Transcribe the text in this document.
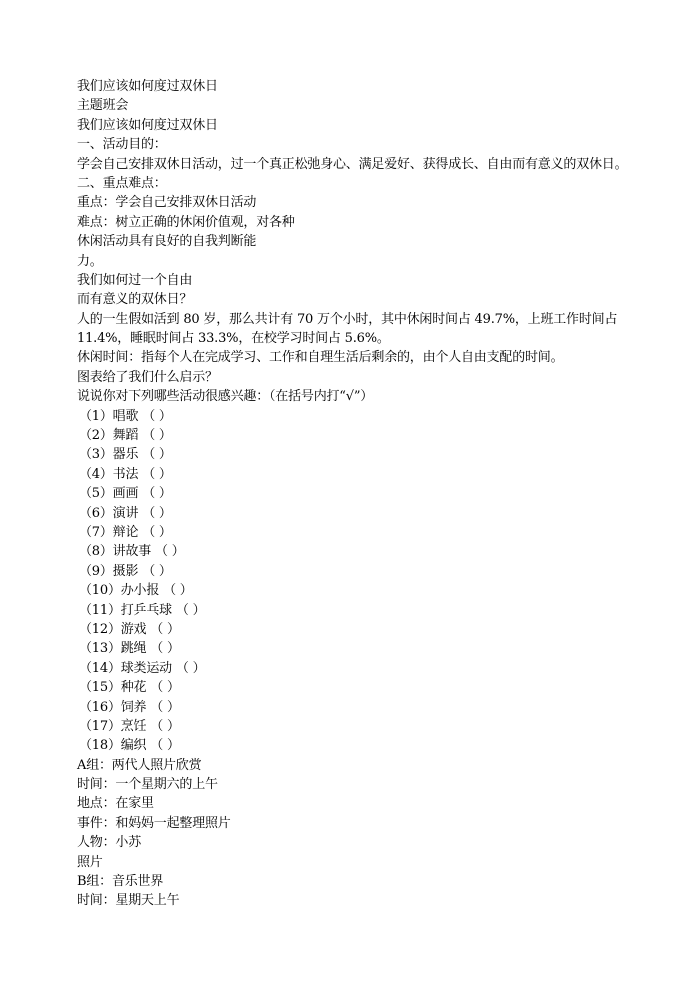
我们应该如何度过双休日
主题班会
我们应该如何度过双休日
一、活动目的：
学会自己安排双休日活动，过一个真正松弛身心、满足爱好、获得成长、自由而有意义的双休日。
二、重点难点：
重点：学会自己安排双休日活动
难点：树立正确的休闲价值观，对各种
休闲活动具有良好的自我判断能
力。
我们如何过一个自由
而有意义的双休日？
人的一生假如活到 80 岁，那么共计有 70 万个小时，其中休闲时间占 49.7%，上班工作时间占
11.4%，睡眠时间占 33.3%，在校学习时间占 5.6%。
休闲时间：指每个人在完成学习、工作和自理生活后剩余的，由个人自由支配的时间。
图表给了我们什么启示？
说说你对下列哪些活动很感兴趣：（在括号内打“√”）
（1）唱歌 （ ）
（2）舞蹈 （ ）
（3）器乐 （ ）
（4）书法 （ ）
（5）画画 （ ）
（6）演讲 （ ）
（7）辩论 （ ）
（8）讲故事 （ ）
（9）摄影 （ ）
（10）办小报 （ ）
（11）打乒乓球 （ ）
（12）游戏 （ ）
（13）跳绳 （ ）
（14）球类运动 （ ）
（15）种花 （ ）
（16）饲养 （ ）
（17）烹饪 （ ）
（18）编织 （ ）
A组：两代人照片欣赏
时间：一个星期六的上午
地点：在家里
事件：和妈妈一起整理照片
人物：小苏
照片
B组：音乐世界
时间：星期天上午
